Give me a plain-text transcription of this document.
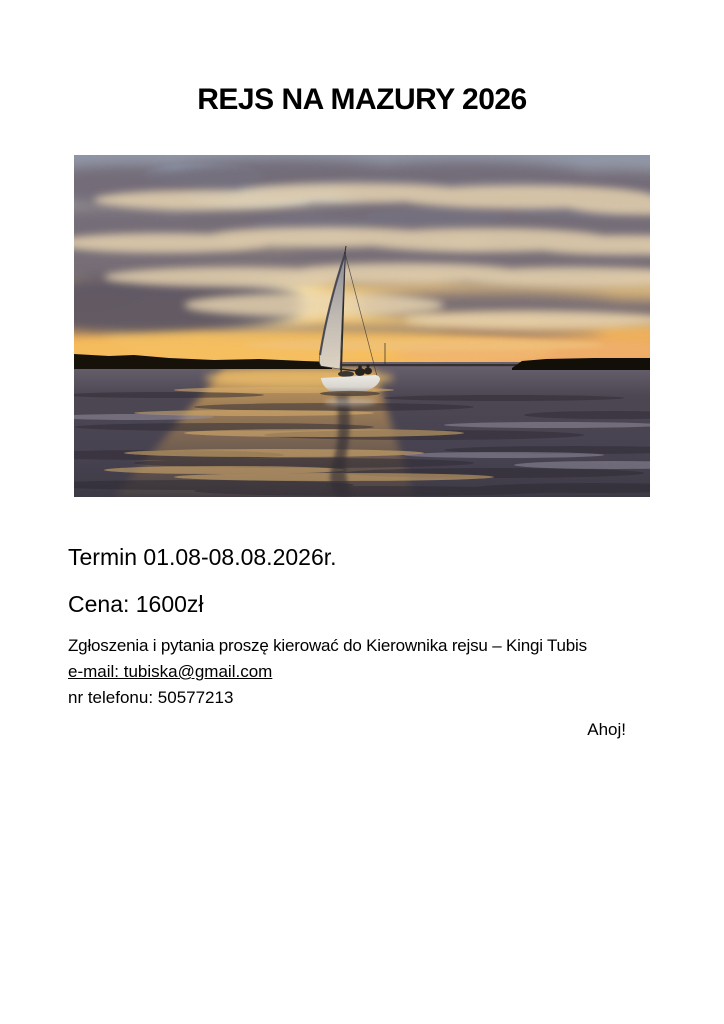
REJS NA MAZURY 2026

Termin 01.08-08.08.2026r.

Cena: 1600zł

Zgłoszenia i pytania proszę kierować do Kierownika rejsu – Kingi Tubis

e-mail: tubiska@gmail.com

nr telefonu: 50577213

Ahoj!
